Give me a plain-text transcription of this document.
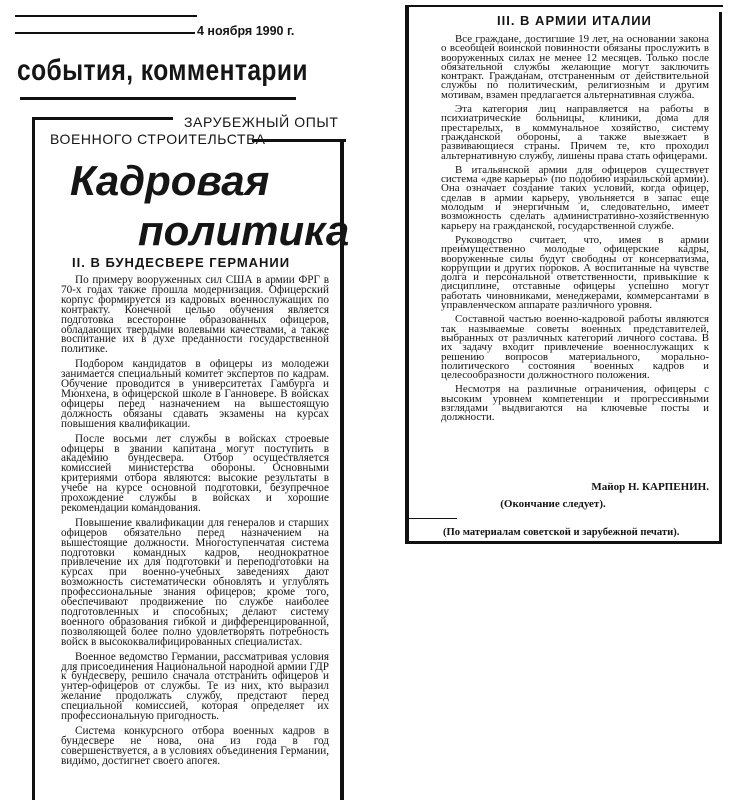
4 ноября 1990 г.
события, комментарии
ЗАРУБЕЖНЫЙ ОПЫТ
ВОЕННОГО СТРОИТЕЛЬСТВА
Кадровая
политика
II. В БУНДЕСВЕРЕ ГЕРМАНИИ

По примеру вооруженных сил США в армии ФРГ в 70-х годах также прошла модернизация. Офицерский корпус формируется из кадровых военнослужащих по контракту. Конечной целью обучения является подготовка всесторонне образованных офицеров, обладающих твердыми волевыми качествами, а также воспитание их в духе преданности государственной политике.

Подбором кандидатов в офицеры из молодежи занимается специальный комитет экспертов по кадрам. Обучение проводится в университетах Гамбурга и Мюнхена, в офицерской школе в Ганновере. В войсках офицеры перед назначением на вышестоящую должность обязаны сдавать экзамены на курсах повышения квалификации.

После восьми лет службы в войсках строевые офицеры в звании капитана могут поступить в академию бундесвера. Отбор осуществляется комиссией министерства обороны. Основными критериями отбора являются: высокие результаты в учебе на курсе основной подготовки, безупречное прохождение службы в войсках и хорошие рекомендации командования.

Повышение квалификации для генералов и старших офицеров обязательно перед назначением на вышестоящие должности. Многоступенчатая система подготовки командных кадров, неоднократное привлечение их для подготовки и переподготовки на курсах при военно-учебных заведениях дают возможность систематически обновлять и углублять профессиональные знания офицеров; кроме того, обеспечивают продвижение по службе наиболее подготовленных и способных; делают систему военного образования гибкой и дифференцированной, позволяющей более полно удовлетворять потребность войск в высококвалифицированных специалистах.

Военное ведомство Германии, рассматривая условия для присоединения Национальной народной армии ГДР к бундесверу, решило сначала отстранить офицеров и унтер-офицеров от службы. Те из них, кто выразил желание продолжать службу, предстают перед специальной комиссией, которая определяет их профессиональную пригодность.

Система конкурсного отбора военных кадров в бундесвере не нова, она из года в год совершенствуется, а в условиях объединения Германии, видимо, достигнет своего апогея.

III. В АРМИИ ИТАЛИИ

Все граждане, достигшие 19 лет, на основании закона о всеобщей воинской повинности обязаны прослужить в вооруженных силах не менее 12 месяцев. Только после обязательной службы желающие могут заключить контракт. Гражданам, отстраненным от действительной службы по политическим, религиозным и другим мотивам, взамен предлагается альтернативная служба.

Эта категория лиц направляется на работы в психиатрические больницы, клиники, дома для престарелых, в коммунальное хозяйство, систему гражданской обороны, а также выезжает в развивающиеся страны. Причем те, кто проходил альтернативную службу, лишены права стать офицерами.

В итальянской армии для офицеров существует система «две карьеры» (по подобию израильской армии). Она означает создание таких условий, когда офицер, сделав в армии карьеру, увольняется в запас еще молодым и энергичным и, следовательно, имеет возможность сделать административно-хозяйственную карьеру на гражданской, государственной службе.

Руководство считает, что, имея в армии преимущественно молодые офицерские кадры, вооруженные силы будут свободны от консерватизма, коррупции и других пороков. А воспитанные на чувстве долга и персональной ответственности, привыкшие к дисциплине, отставные офицеры успешно могут работать чиновниками, менеджерами, коммерсантами в управленческом аппарате различного уровня.

Составной частью военно-кадровой работы являются так называемые советы военных представителей, выбранных от различных категорий личного состава. В их задачу входит привлечение военнослужащих к решению вопросов материального, морально-политического состояния военных кадров и целесообразности должностного положения.

Несмотря на различные ограничения, офицеры с высоким уровнем компетенции и прогрессивными взглядами выдвигаются на ключевые посты и должности.

Майор Н. КАРПЕНИН.
(Окончание следует).
(По материалам советской и зарубежной печати).
